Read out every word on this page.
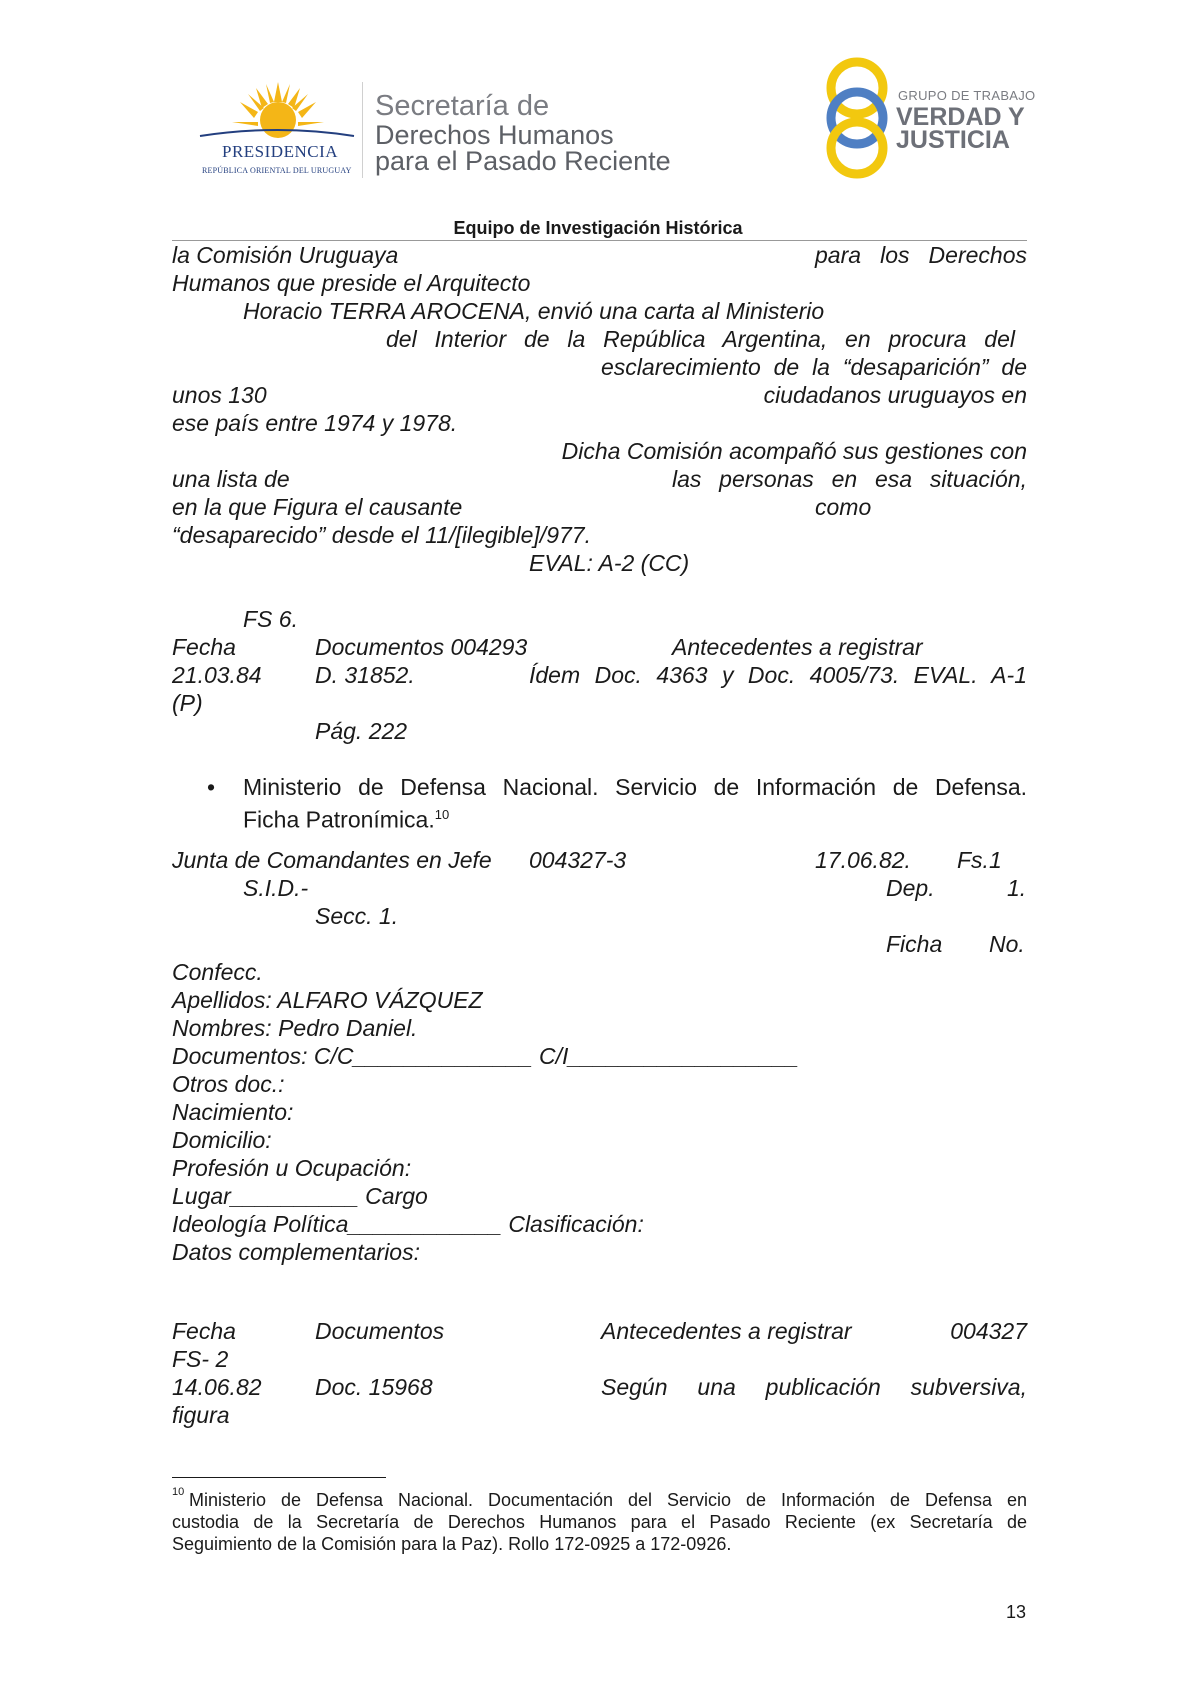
PRESIDENCIA

REPÚBLICA ORIENTAL DEL URUGUAY

Secretaría de
Derechos Humanos
para el Pasado Reciente
GRUPO DE TRABAJO
VERDAD Y
JUSTICIA
Equipo de Investigación Histórica
la Comisión Uruguaya	para los Derechos
Humanos que preside el Arquitecto
Horacio TERRA AROCENA, envió una carta al Ministerio
del Interior de la República Argentina, en procura del
esclarecimiento de la “desaparición” de
unos 130	ciudadanos uruguayos en
ese país entre 1974 y 1978.
Dicha Comisión acompañó sus gestiones con
una lista de	las personas en esa situación,
en la que Figura el causante	como
“desaparecido” desde el 11/[ilegible]/977.
EVAL: A-2 (CC)
FS 6.
Fecha	Documentos 004293	Antecedentes a registrar
21.03.84 D. 31852.	Ídem Doc. 4363 y Doc. 4005/73. EVAL. A-1
(P)
Pág. 222
• Ministerio de Defensa Nacional. Servicio de Información de Defensa.
Ficha Patronímica.$^{10}$
Junta de Comandantes en Jefe 004327-3	17.06.82. Fs.1
S.I.D.-	Dep.	1.
Secc. 1.
Ficha No.
Confecc.
Apellidos: ALFARO VÁZQUEZ
Nombres: Pedro Daniel.
Documentos: C/C______________ C/I__________________
Otros doc.:
Nacimiento:
Domicilio:
Profesión u Ocupación:
Lugar__________ Cargo
Ideología Política____________ Clasificación:
Datos complementarios:
Fecha	Documentos	Antecedentes a registrar	004327
FS- 2
14.06.82 Doc. 15968	Según una publicación subversiva,
figura
10 Ministerio de Defensa Nacional. Documentación del Servicio de Información de Defensa en
custodia de la Secretaría de Derechos Humanos para el Pasado Reciente (ex Secretaría de
Seguimiento de la Comisión para la Paz). Rollo 172-0925 a 172-0926.
13
